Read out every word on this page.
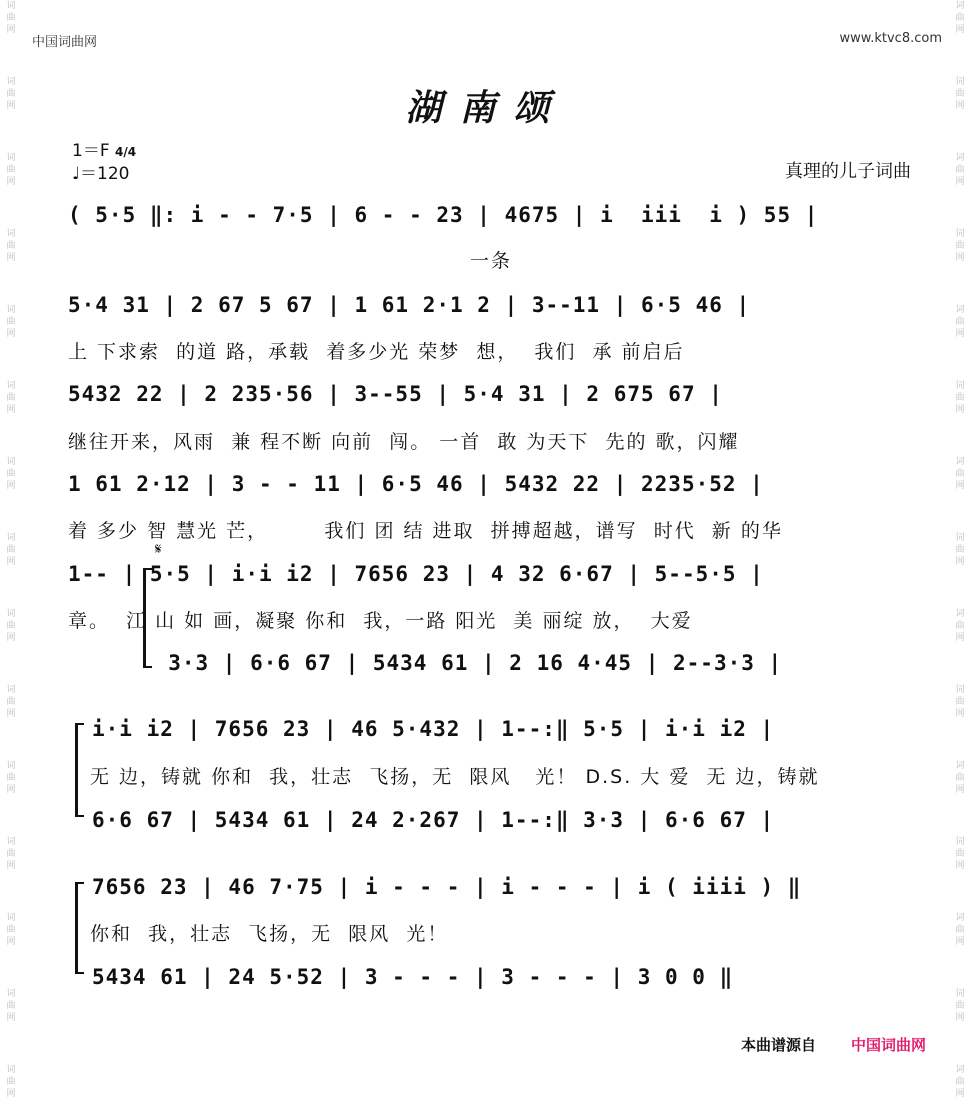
词曲网
词曲网
词曲网
词曲网
词曲网
词曲网
词曲网
词曲网
词曲网
词曲网
词曲网
词曲网
词曲网
词曲网
词曲网
词曲网
词曲网
词曲网
词曲网
词曲网
词曲网
词曲网
词曲网
词曲网
词曲网
词曲网
词曲网
词曲网
词曲网
词曲网
中国词曲网	www.ktvc8.com
湖南颂
1＝F 4/4
♩＝120	真理的儿子词曲
( 5·5 ‖: i - - 7·5 | 6 - - 23 | 4675 | i  iii  i ) 55 |
一条
5·4 31 | 2 67 5 67 | 1 61 2·1 2 | 3--11 | 6·5 46 |
上 下求索  的道 路，承载  着多少光 荣梦  想，  我们  承 前启后
5432 22 | 2 235·56 | 3--55 | 5·4 31 | 2 675 67 |
继往开来，风雨  兼 程不断 向前  闯。 一首  敢 为天下  先的 歌，闪耀
1 61 2·12 | 3 - - 11 | 6·5 46 | 5432 22 | 2235·52 |
着 多少 智 慧光 芒，       我们 团 结 进取  拼搏超越，谱写  时代  新 的华
𝄋
1-- | 5·5 | i·i i2 | 7656 23 | 4 32 6·67 | 5--5·5 |
章。  江 山 如 画，凝聚 你和  我，一路 阳光  美 丽绽 放，  大爱
3·3 | 6·6 67 | 5434 61 | 2 16 4·45 | 2--3·3 |
i·i i2 | 7656 23 | 46 5·432 | 1--:‖ 5·5 | i·i i2 |
无 边，铸就 你和  我，壮志  飞扬，无  限风   光！ D.S. 大 爱  无 边，铸就
6·6 67 | 5434 61 | 24 2·267 | 1--:‖ 3·3 | 6·6 67 |
7656 23 | 46 7·75 | i - - - | i - - - | i ( iiii ) ‖
你和  我，壮志  飞扬，无  限风  光！
5434 61 | 24 5·52 | 3 - - - | 3 - - - | 3 0 0 ‖
本曲谱源自 中国词曲网
